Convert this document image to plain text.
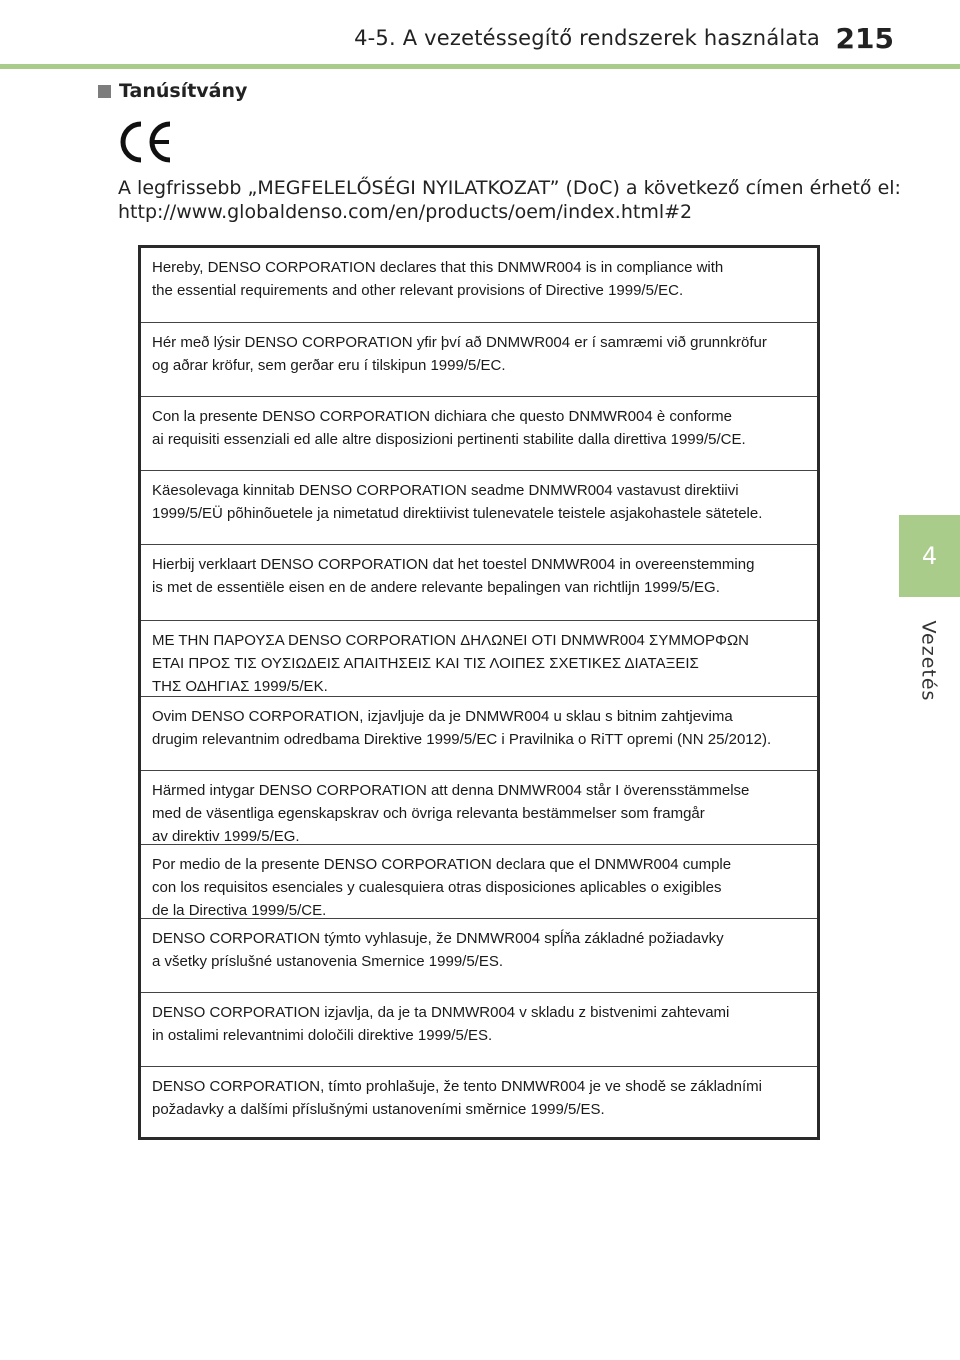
4-5. A vezetéssegítő rendszerek használata 215
4
Vezetés
Tanúsítvány
A legfrissebb „MEGFELELŐSÉGI NYILATKOZAT” (DoC) a következő címen érhető el:
http://www.globaldenso.com/en/products/oem/index.html#2
Hereby, DENSO CORPORATION declares that this DNMWR004 is in compliance with
the essential requirements and other relevant provisions of Directive 1999/5/EC.
Hér með lýsir DENSO CORPORATION yfir því að DNMWR004 er í samræmi við grunnkröfur
og aðrar kröfur, sem gerðar eru í tilskipun 1999/5/EC.
Con la presente DENSO CORPORATION dichiara che questo DNMWR004 è conforme
ai requisiti essenziali ed alle altre disposizioni pertinenti stabilite dalla direttiva 1999/5/CE.
Käesolevaga kinnitab DENSO CORPORATION seadme DNMWR004 vastavust direktiivi
1999/5/EÜ põhinõuetele ja nimetatud direktiivist tulenevatele teistele asjakohastele sätetele.
Hierbij verklaart DENSO CORPORATION dat het toestel DNMWR004 in overeenstemming
is met de essentiële eisen en de andere relevante bepalingen van richtlijn 1999/5/EG.
ΜΕ ΤΗΝ ΠΑΡΟΥΣΑ DENSO CORPORATION ΔΗΛΩΝΕΙ ΟΤΙ DNMWR004 ΣΥΜΜΟΡΦΩΝ
ΕΤΑΙ ΠΡΟΣ ΤΙΣ ΟΥΣΙΩΔΕΙΣ ΑΠΑΙΤΗΣΕΙΣ ΚΑΙ ΤΙΣ ΛΟΙΠΕΣ ΣΧΕΤΙΚΕΣ ΔΙΑΤΑΞΕΙΣ
ΤΗΣ ΟΔΗΓΙΑΣ 1999/5/ΕΚ.
Ovim DENSO CORPORATION, izjavljuje da je DNMWR004 u sklau s bitnim zahtjevima
drugim relevantnim odredbama Direktive 1999/5/EC i Pravilnika o RiTT opremi (NN 25/2012).
Härmed intygar DENSO CORPORATION att denna DNMWR004 står I överensstämmelse
med de väsentliga egenskapskrav och övriga relevanta bestämmelser som framgår
av direktiv 1999/5/EG.
Por medio de la presente DENSO CORPORATION declara que el DNMWR004 cumple
con los requisitos esenciales y cualesquiera otras disposiciones aplicables o exigibles
de la Directiva 1999/5/CE.
DENSO CORPORATION týmto vyhlasuje, že DNMWR004 spĺňa základné požiadavky
a všetky príslušné ustanovenia Smernice 1999/5/ES.
DENSO CORPORATION izjavlja, da je ta DNMWR004 v skladu z bistvenimi zahtevami
in ostalimi relevantnimi določili direktive 1999/5/ES.
DENSO CORPORATION, tímto prohlašuje, že tento DNMWR004 je ve shodě se základními
požadavky a dalšími příslušnými ustanoveními směrnice 1999/5/ES.
